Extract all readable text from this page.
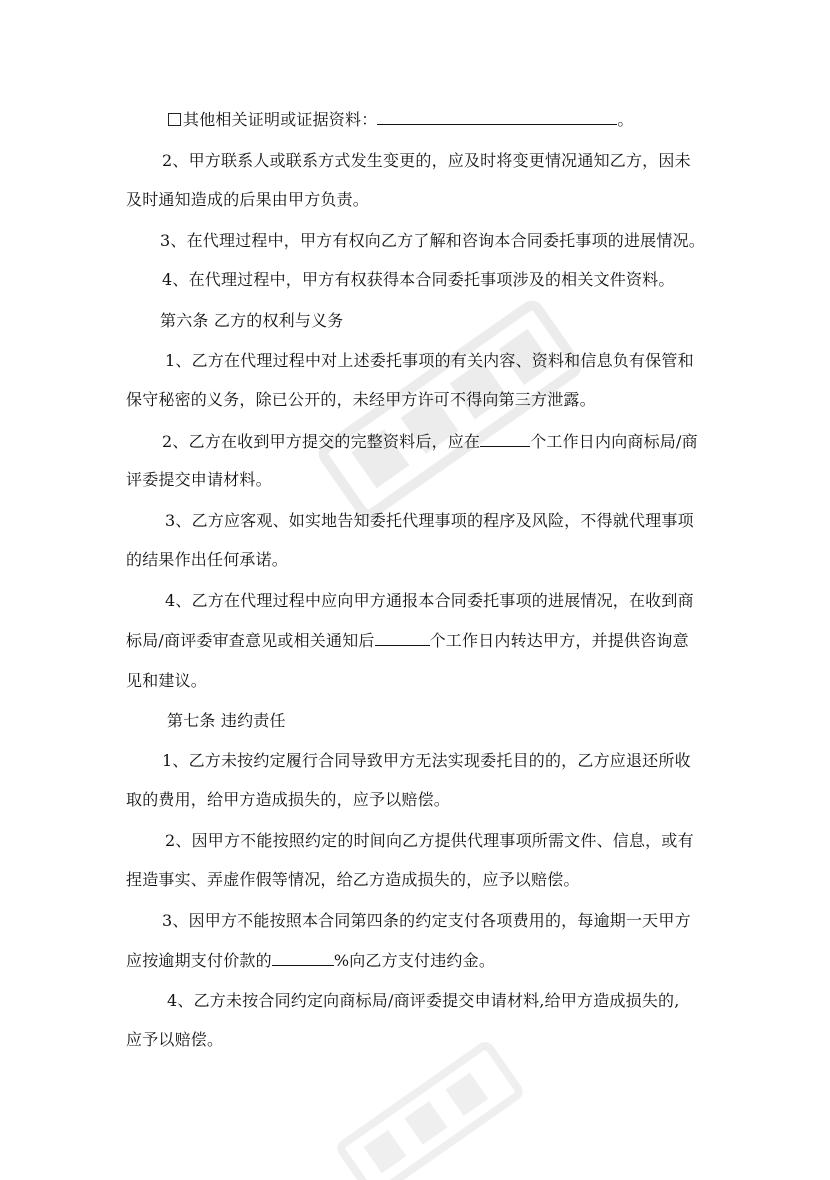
其他相关证明或证据资料：	。
2、甲方联系人或联系方式发生变更的，应及时将变更情况通知乙方，因未
及时通知造成的后果由甲方负责。
3、在代理过程中，甲方有权向乙方了解和咨询本合同委托事项的进展情况。
4、在代理过程中，甲方有权获得本合同委托事项涉及的相关文件资料。
第六条 乙方的权利与义务
1、乙方在代理过程中对上述委托事项的有关内容、资料和信息负有保管和
保守秘密的义务，除已公开的，未经甲方许可不得向第三方泄露。
2、乙方在收到甲方提交的完整资料后，应在	个工作日内向商标局/商
评委提交申请材料。
3、乙方应客观、如实地告知委托代理事项的程序及风险，不得就代理事项
的结果作出任何承诺。
4、乙方在代理过程中应向甲方通报本合同委托事项的进展情况，在收到商
标局/商评委审查意见或相关通知后	个工作日内转达甲方，并提供咨询意
见和建议。
第七条 违约责任
1、乙方未按约定履行合同导致甲方无法实现委托目的的，乙方应退还所收
取的费用，给甲方造成损失的，应予以赔偿。
2、因甲方不能按照约定的时间向乙方提供代理事项所需文件、信息，或有
捏造事实、弄虚作假等情况，给乙方造成损失的，应予以赔偿。
3、因甲方不能按照本合同第四条的约定支付各项费用的，每逾期一天甲方
应按逾期支付价款的	%向乙方支付违约金。
4、乙方未按合同约定向商标局/商评委提交申请材料,给甲方造成损失的,
应予以赔偿。
